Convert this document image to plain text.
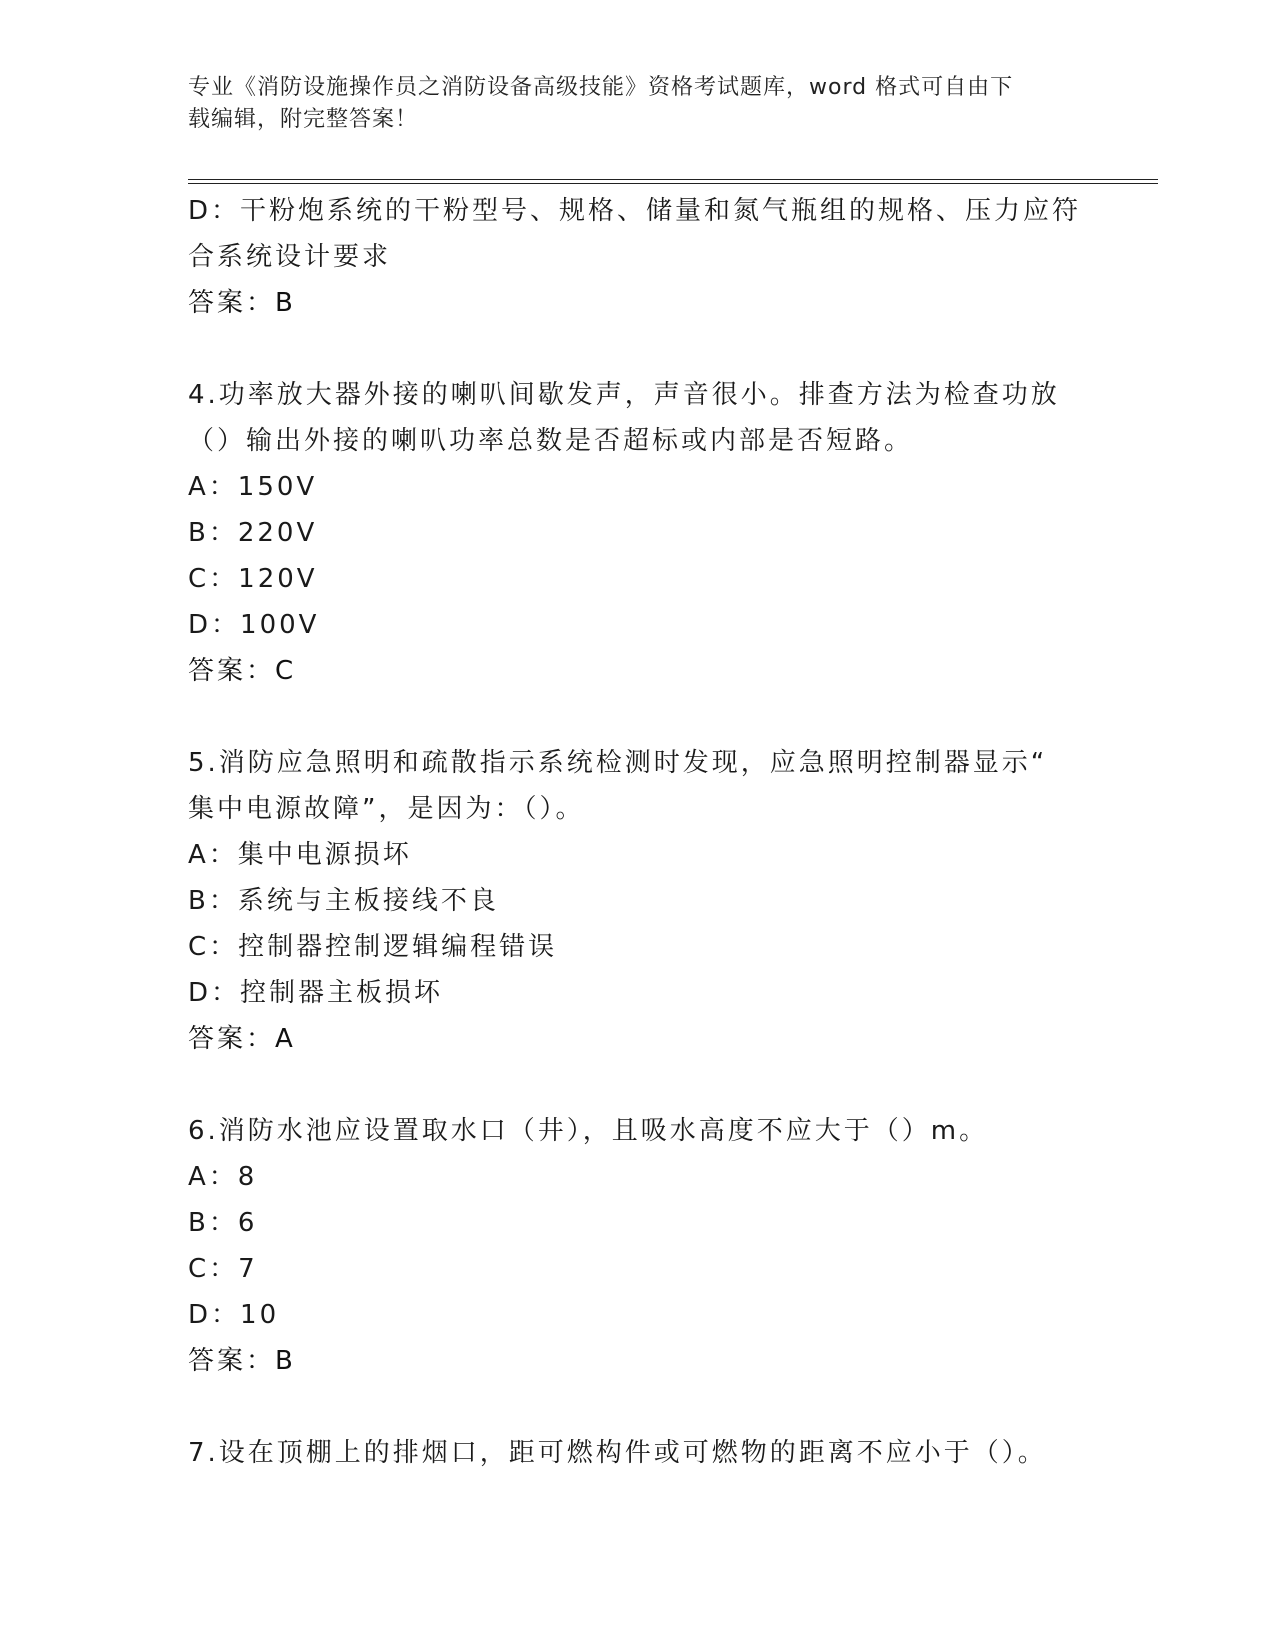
专业《消防设施操作员之消防设备高级技能》资格考试题库，word 格式可自由下
载编辑，附完整答案！
D：干粉炮系统的干粉型号、规格、储量和氮气瓶组的规格、压力应符
合系统设计要求
答案：B
4.功率放大器外接的喇叭间歇发声，声音很小。排查方法为检查功放
（）输出外接的喇叭功率总数是否超标或内部是否短路。
A：150V
B：220V
C：120V
D：100V
答案：C
5.消防应急照明和疏散指示系统检测时发现，应急照明控制器显示“
集中电源故障”，是因为：（）。
A：集中电源损坏
B：系统与主板接线不良
C：控制器控制逻辑编程错误
D：控制器主板损坏
答案：A
6.消防水池应设置取水口（井），且吸水高度不应大于（）m。
A：8
B：6
C：7
D：10
答案：B
7.设在顶棚上的排烟口，距可燃构件或可燃物的距离不应小于（）。
